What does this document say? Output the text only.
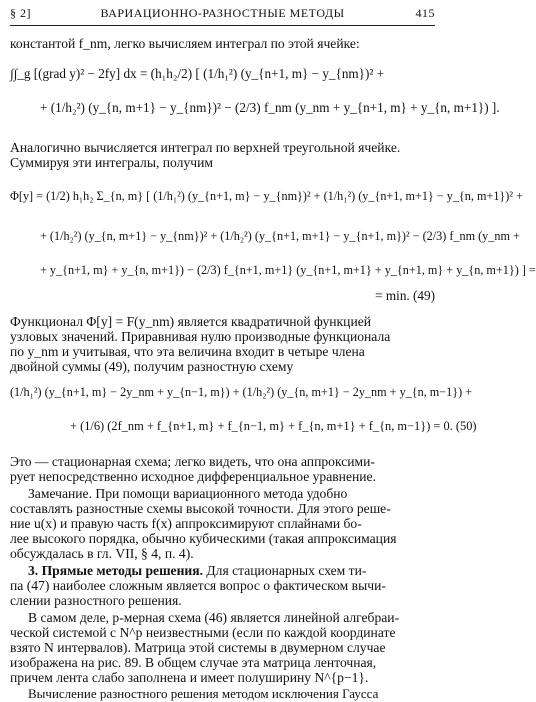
§ 2]	ВАРИАЦИОННО-РАЗНОСТНЫЕ МЕТОДЫ	415
константой f_nm, легко вычисляем интеграл по этой ячейке:
∫∫_g [(grad y)² − 2fy] dx = (h₁h₂/2) [ (1/h₁²) (y_{n+1, m} − y_{nm})² +
+ (1/h₂²) (y_{n, m+1} − y_{nm})² − (2/3) f_nm (y_nm + y_{n+1, m} + y_{n, m+1}) ].
Аналогично вычисляется интеграл по верхней треугольной ячейке.
Суммируя эти интегралы, получим
Φ[y] = (1/2) h₁h₂ Σ_{n, m} [ (1/h₁²) (y_{n+1, m} − y_{nm})² + (1/h₁²) (y_{n+1, m+1} − y_{n, m+1})² +
+ (1/h₂²) (y_{n, m+1} − y_{nm})² + (1/h₂²) (y_{n+1, m+1} − y_{n+1, m})² − (2/3) f_nm (y_nm +
+ y_{n+1, m} + y_{n, m+1}) − (2/3) f_{n+1, m+1} (y_{n+1, m+1} + y_{n+1, m} + y_{n, m+1}) ] =
= min. (49)
Функционал Φ[y] = F(y_nm) является квадратичной функцией
узловых значений. Приравнивая нулю производные функционала
по y_nm и учитывая, что эта величина входит в четыре члена
двойной суммы (49), получим разностную схему
(1/h₁²) (y_{n+1, m} − 2y_nm + y_{n−1, m}) + (1/h₂²) (y_{n, m+1} − 2y_nm + y_{n, m−1}) +
+ (1/6) (2f_nm + f_{n+1, m} + f_{n−1, m} + f_{n, m+1} + f_{n, m−1}) = 0. (50)
Это — стационарная схема; легко видеть, что она аппроксими-
рует непосредственно исходное дифференциальное уравнение.
Замечание. При помощи вариационного метода удобно
составлять разностные схемы высокой точности. Для этого реше-
ние u(x) и правую часть f(x) аппроксимируют сплайнами бо-
лее высокого порядка, обычно кубическими (такая аппроксимация
обсуждалась в гл. VII, § 4, п. 4).
3. Прямые методы решения. Для стационарных схем ти-
па (47) наиболее сложным является вопрос о фактическом вычи-
слении разностного решения.
В самом деле, p-мерная схема (46) является линейной алгебраи-
ческой системой с N^p неизвестными (если по каждой координате
взято N интервалов). Матрица этой системы в двумерном случае
изображена на рис. 89. В общем случае эта матрица ленточная,
причем лента слабо заполнена и имеет полуширину N^{p−1}.
Вычисление разностного решения методом исключения Гаусса
